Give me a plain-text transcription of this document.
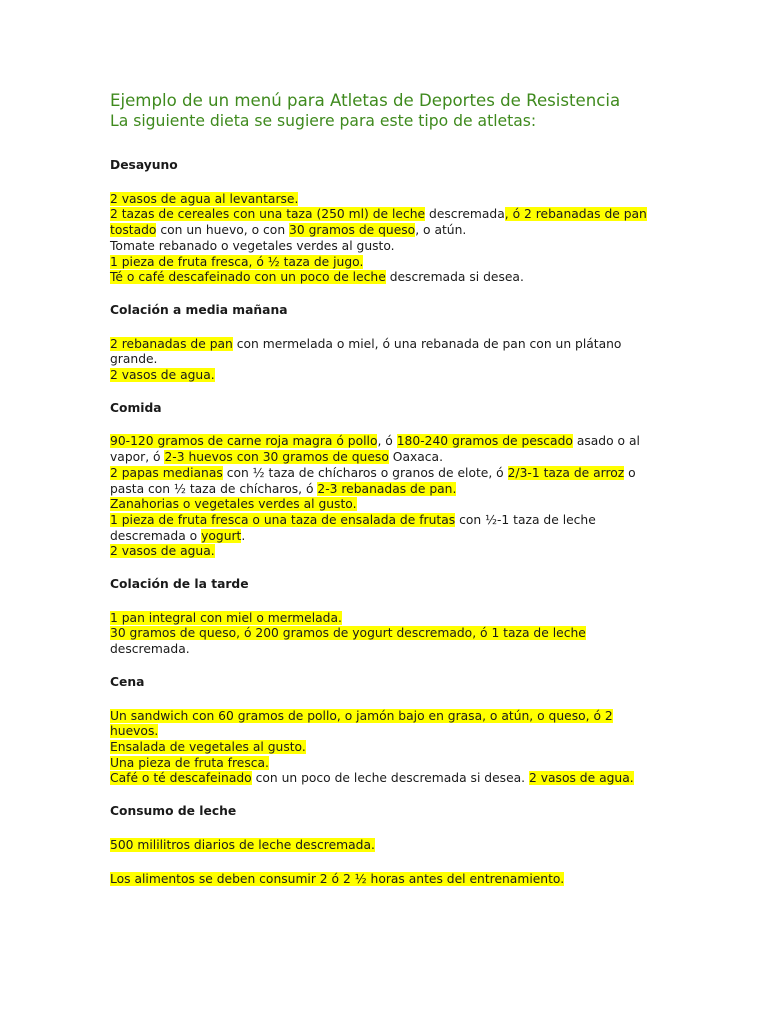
Ejemplo de un menú para Atletas de Deportes de Resistencia

La siguiente dieta se sugiere para este tipo de atletas:

Desayuno

2 vasos de agua al levantarse.

2 tazas de cereales con una taza (250 ml) de leche descremada, ó 2 rebanadas de pan tostado con un huevo, o con 30 gramos de queso, o atún.

Tomate rebanado o vegetales verdes al gusto.

1 pieza de fruta fresca, ó ½ taza de jugo.

Té o café descafeinado con un poco de leche descremada si desea.

Colación a media mañana

2 rebanadas de pan con mermelada o miel, ó una rebanada de pan con un plátano grande.

2 vasos de agua.

Comida

90-120 gramos de carne roja magra ó pollo, ó 180-240 gramos de pescado asado o al vapor, ó 2-3 huevos con 30 gramos de queso Oaxaca.

2 papas medianas con ½ taza de chícharos o granos de elote, ó 2/3-1 taza de arroz o pasta con ½ taza de chícharos, ó 2-3 rebanadas de pan.

Zanahorias o vegetales verdes al gusto.

1 pieza de fruta fresca o una taza de ensalada de frutas con ½-1 taza de leche descremada o yogurt.

2 vasos de agua.

Colación de la tarde

1 pan integral con miel o mermelada.

30 gramos de queso, ó 200 gramos de yogurt descremado, ó 1 taza de leche descremada.

Cena

Un sandwich con 60 gramos de pollo, o jamón bajo en grasa, o atún, o queso, ó 2 huevos.

Ensalada de vegetales al gusto.

Una pieza de fruta fresca.

Café o té descafeinado con un poco de leche descremada si desea. 2 vasos de agua.

Consumo de leche

500 mililitros diarios de leche descremada.

Los alimentos se deben consumir 2 ó 2 ½ horas antes del entrenamiento.
